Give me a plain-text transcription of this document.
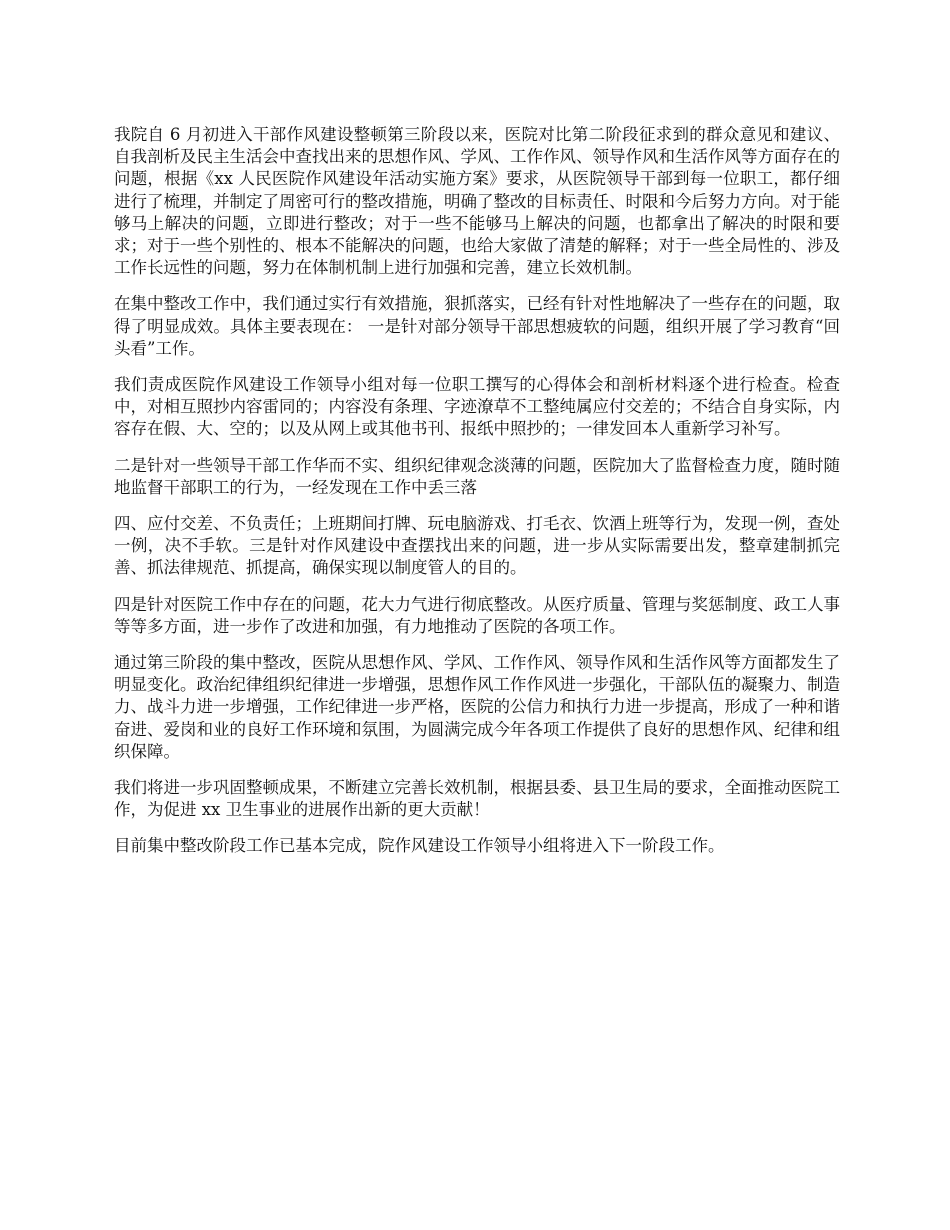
我院自 6 月初进入干部作风建设整顿第三阶段以来，医院对比第二阶段征求到的群众意见和建议、自我剖析及民主生活会中查找出来的思想作风、学风、工作作风、领导作风和生活作风等方面存在的问题，根据《xx 人民医院作风建设年活动实施方案》要求，从医院领导干部到每一位职工，都仔细进行了梳理，并制定了周密可行的整改措施，明确了整改的目标责任、时限和今后努力方向。对于能够马上解决的问题，立即进行整改；对于一些不能够马上解决的问题，也都拿出了解决的时限和要求；对于一些个别性的、根本不能解决的问题，也给大家做了清楚的解释；对于一些全局性的、涉及工作长远性的问题，努力在体制机制上进行加强和完善，建立长效机制。

在集中整改工作中，我们通过实行有效措施，狠抓落实，已经有针对性地解决了一些存在的问题，取得了明显成效。具体主要表现在： 一是针对部分领导干部思想疲软的问题，组织开展了学习教育“回头看”工作。

我们责成医院作风建设工作领导小组对每一位职工撰写的心得体会和剖析材料逐个进行检查。检查中，对相互照抄内容雷同的；内容没有条理、字迹潦草不工整纯属应付交差的；不结合自身实际，内容存在假、大、空的；以及从网上或其他书刊、报纸中照抄的；一律发回本人重新学习补写。

二是针对一些领导干部工作华而不实、组织纪律观念淡薄的问题，医院加大了监督检查力度，随时随地监督干部职工的行为，一经发现在工作中丢三落

四、应付交差、不负责任；上班期间打牌、玩电脑游戏、打毛衣、饮酒上班等行为，发现一例，查处一例，决不手软。三是针对作风建设中查摆找出来的问题，进一步从实际需要出发，整章建制抓完善、抓法律规范、抓提高，确保实现以制度管人的目的。

四是针对医院工作中存在的问题，花大力气进行彻底整改。从医疗质量、管理与奖惩制度、政工人事等等多方面，进一步作了改进和加强，有力地推动了医院的各项工作。

通过第三阶段的集中整改，医院从思想作风、学风、工作作风、领导作风和生活作风等方面都发生了明显变化。政治纪律组织纪律进一步增强，思想作风工作作风进一步强化，干部队伍的凝聚力、制造力、战斗力进一步增强，工作纪律进一步严格，医院的公信力和执行力进一步提高，形成了一种和谐奋进、爱岗和业的良好工作环境和氛围，为圆满完成今年各项工作提供了良好的思想作风、纪律和组织保障。

我们将进一步巩固整顿成果，不断建立完善长效机制，根据县委、县卫生局的要求，全面推动医院工作，为促进 xx 卫生事业的进展作出新的更大贡献！

目前集中整改阶段工作已基本完成，院作风建设工作领导小组将进入下一阶段工作。
